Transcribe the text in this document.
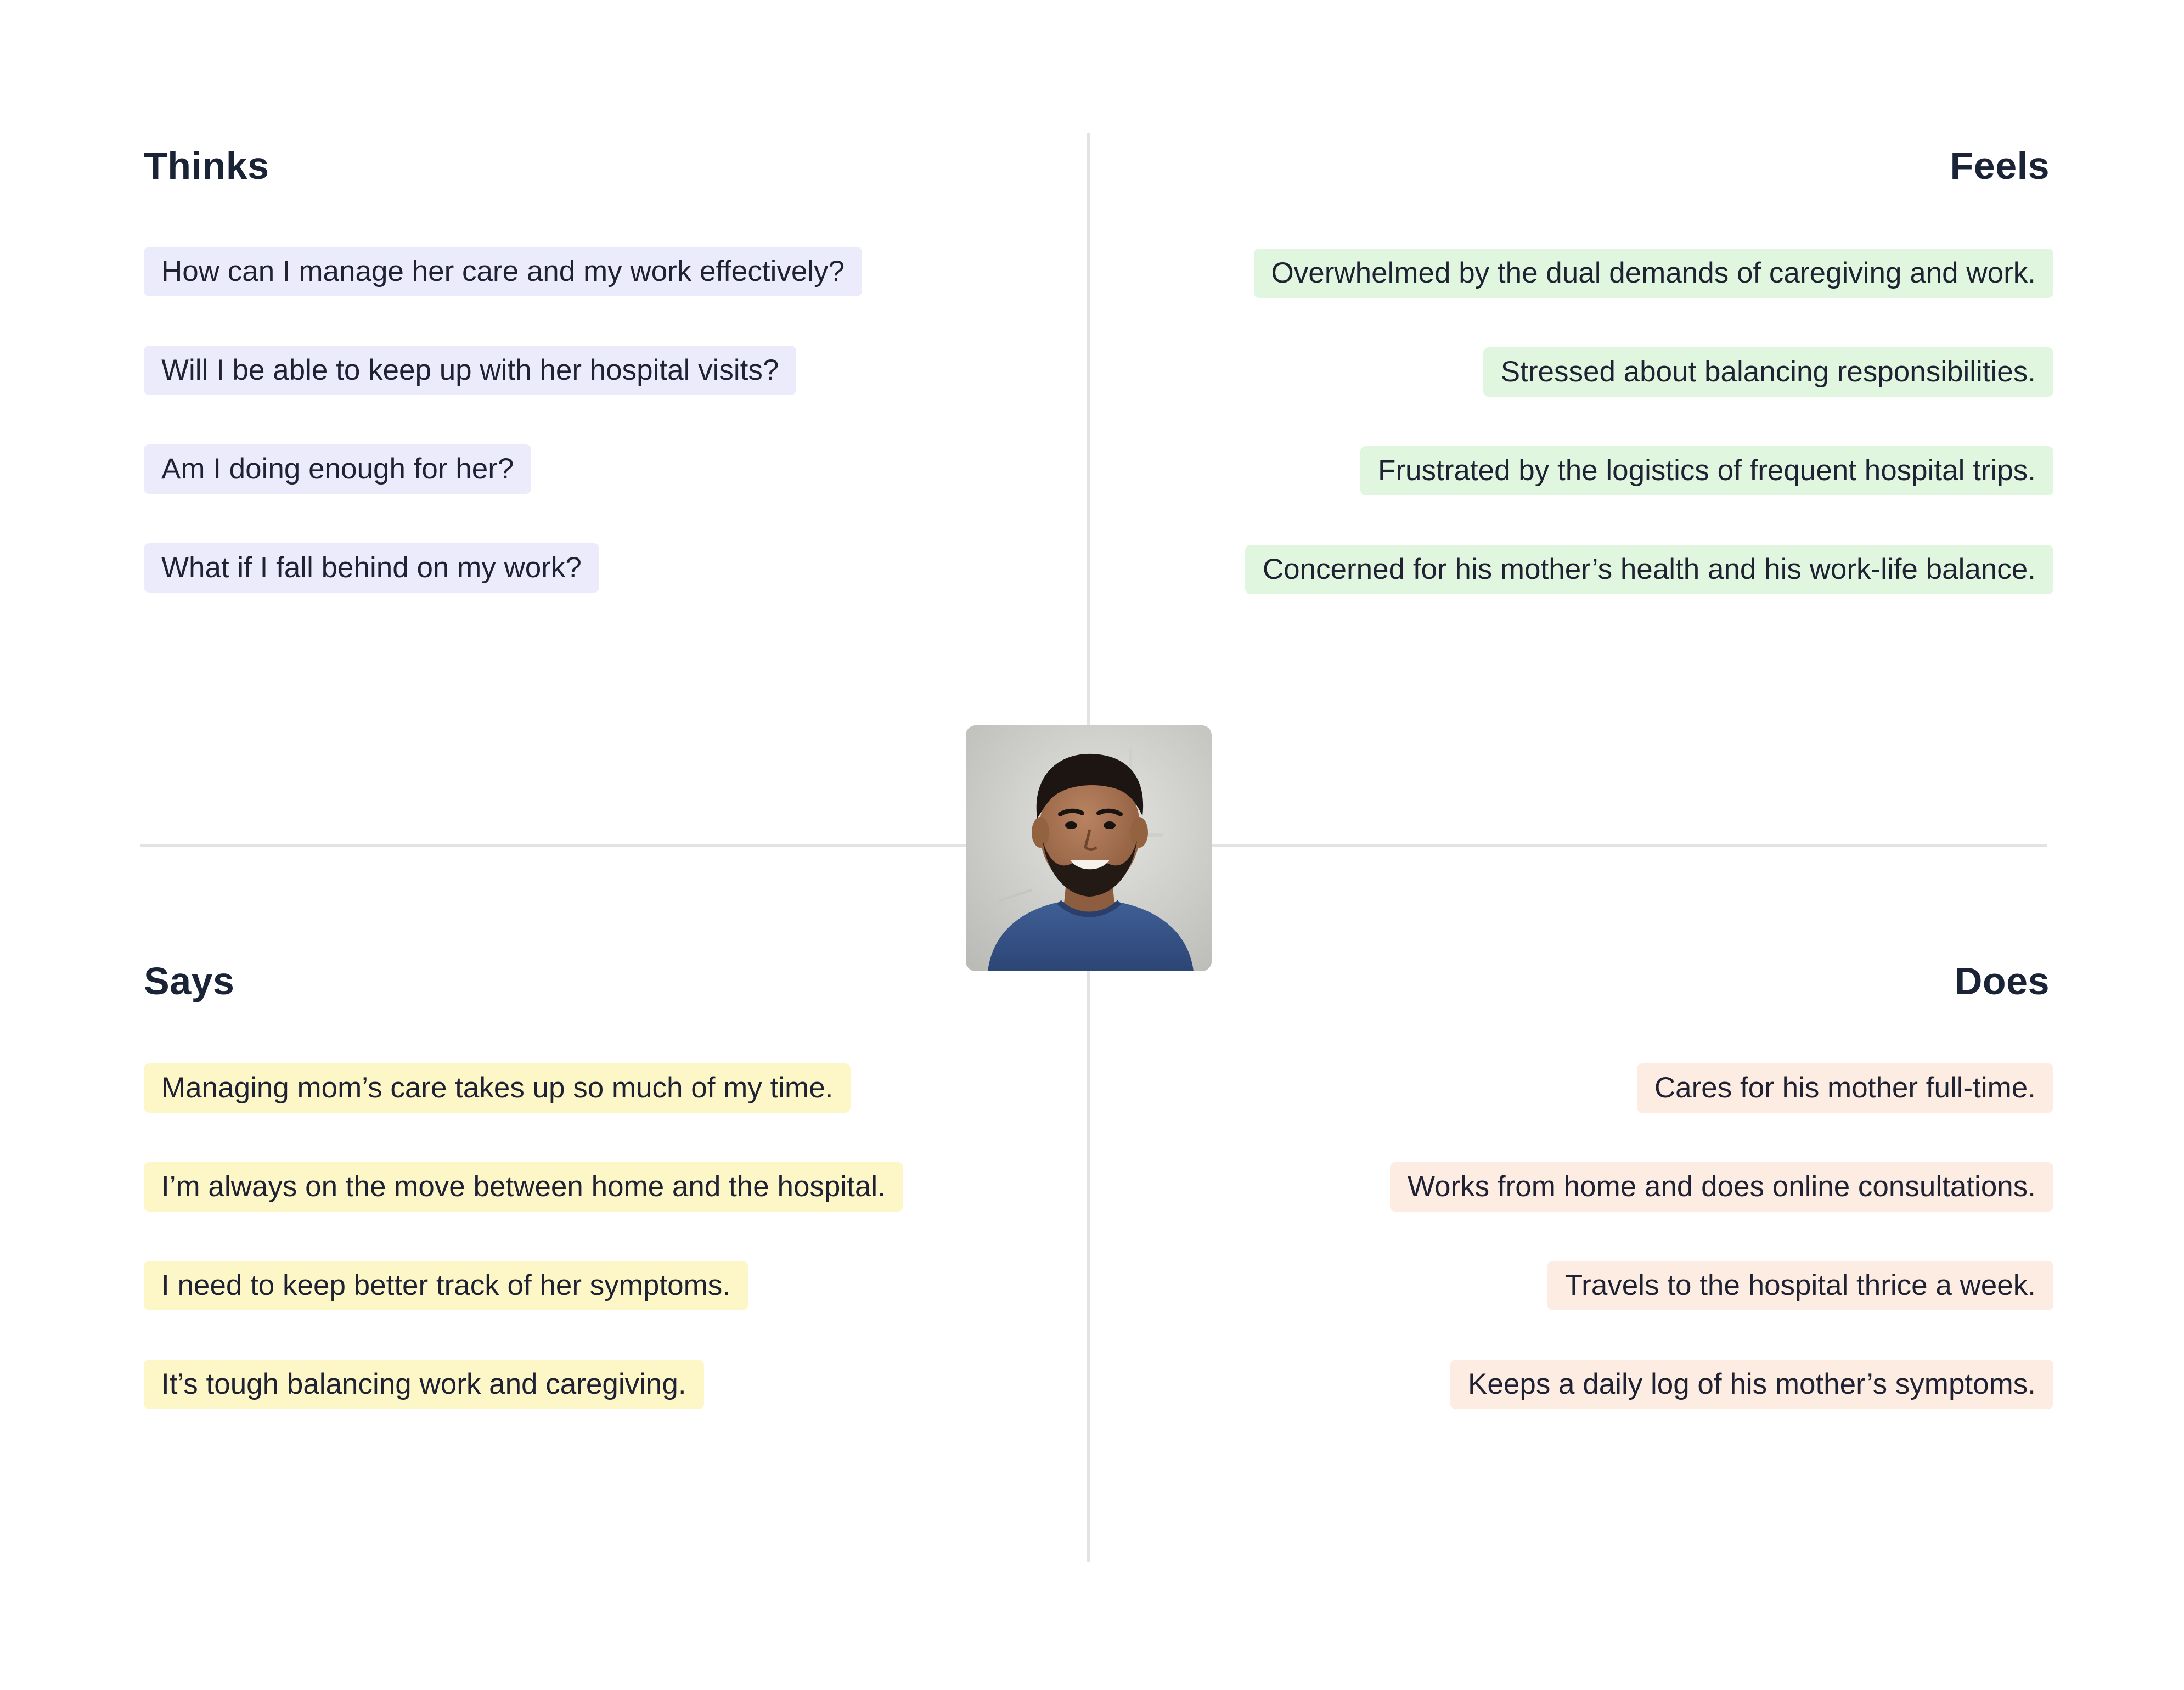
Thinks
How can I manage her care and my work effectively?
Will I be able to keep up with her hospital visits?
Am I doing enough for her?
What if I fall behind on my work?
Feels
Overwhelmed by the dual demands of caregiving and work.
Stressed about balancing responsibilities.
Frustrated by the logistics of frequent hospital trips.
Concerned for his mother’s health and his work-life balance.
Says
Managing mom’s care takes up so much of my time.
I’m always on the move between home and the hospital.
I need to keep better track of her symptoms.
It’s tough balancing work and caregiving.
Does
Cares for his mother full-time.
Works from home and does online consultations.
Travels to the hospital thrice a week.
Keeps a daily log of his mother’s symptoms.
